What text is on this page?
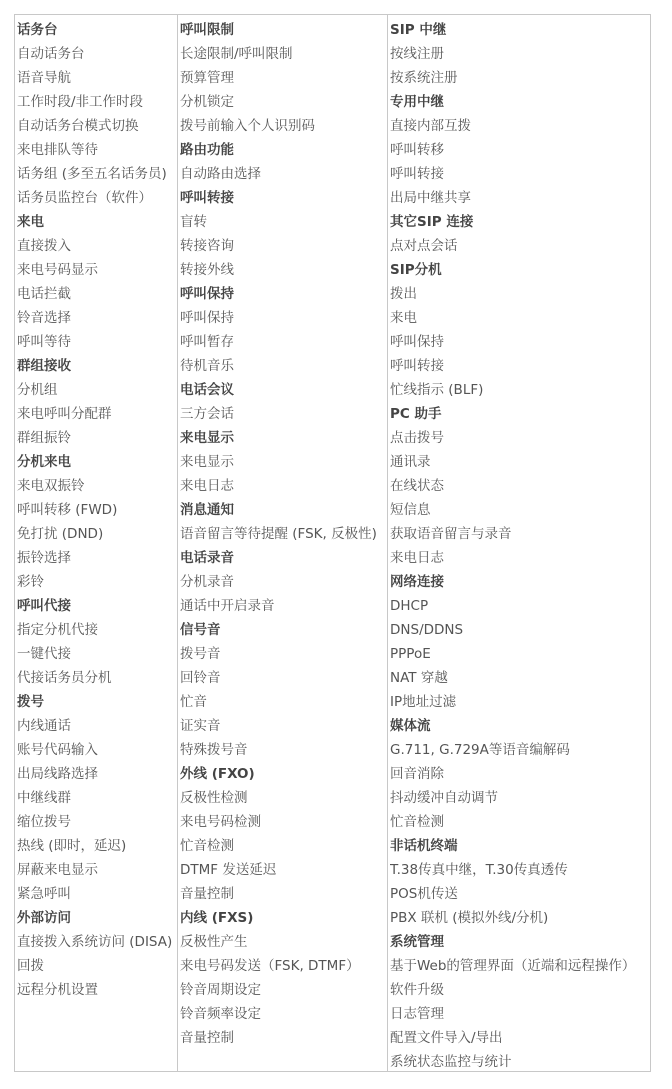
话务台
自动话务台
语音导航
工作时段/非工作时段
自动话务台模式切换
来电排队等待
话务组 (多至五名话务员)
话务员监控台（软件）
来电
直接拨入
来电号码显示
电话拦截
铃音选择
呼叫等待
群组接收
分机组
来电呼叫分配群
群组振铃
分机来电
来电双振铃
呼叫转移 (FWD)
免打扰 (DND)
振铃选择
彩铃
呼叫代接
指定分机代接
一键代接
代接话务员分机
拨号
内线通话
账号代码输入
出局线路选择
中继线群
缩位拨号
热线 (即时，延迟)
屏蔽来电显示
紧急呼叫
外部访问
直接拨入系统访问 (DISA)
回拨
远程分机设置
呼叫限制
长途限制/呼叫限制
预算管理
分机锁定
拨号前输入个人识别码
路由功能
自动路由选择
呼叫转接
盲转
转接咨询
转接外线
呼叫保持
呼叫保持
呼叫暂存
待机音乐
电话会议
三方会话
来电显示
来电显示
来电日志
消息通知
语音留言等待提醒 (FSK, 反极性)
电话录音
分机录音
通话中开启录音
信号音
拨号音
回铃音
忙音
证实音
特殊拨号音
外线 (FXO)
反极性检测
来电号码检测
忙音检测
DTMF 发送延迟
音量控制
内线 (FXS)
反极性产生
来电号码发送（FSK, DTMF）
铃音周期设定
铃音频率设定
音量控制
SIP 中继
按线注册
按系统注册
专用中继
直接内部互拨
呼叫转移
呼叫转接
出局中继共享
其它SIP 连接
点对点会话
SIP分机
拨出
来电
呼叫保持
呼叫转接
忙线指示 (BLF)
PC 助手
点击拨号
通讯录
在线状态
短信息
获取语音留言与录音
来电日志
网络连接
DHCP
DNS/DDNS
PPPoE
NAT 穿越
IP地址过滤
媒体流
G.711, G.729A等语音编解码
回音消除
抖动缓冲自动调节
忙音检测
非话机终端
T.38传真中继，T.30传真透传
POS机传送
PBX 联机 (模拟外线/分机)
系统管理
基于Web的管理界面（近端和远程操作）
软件升级
日志管理
配置文件导入/导出
系统状态监控与统计
